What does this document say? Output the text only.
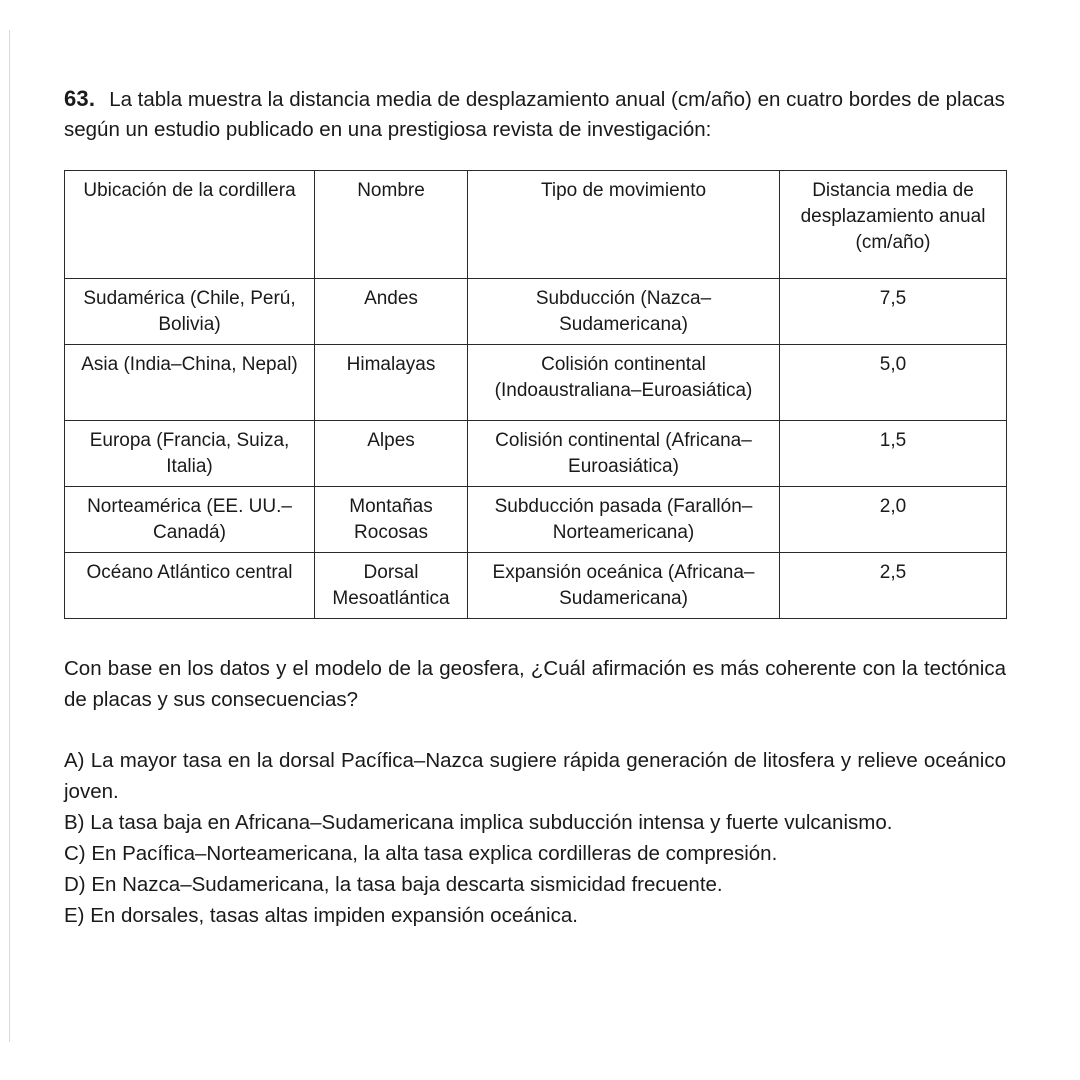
63. La tabla muestra la distancia media de desplazamiento anual (cm/año) en cuatro bordes de placas según un estudio publicado en una prestigiosa revista de investigación:

Ubicación de la cordillera	Nombre	Tipo de movimiento	Distancia media de desplazamiento anual (cm/año)
Sudamérica (Chile, Perú, Bolivia)	Andes	Subducción (Nazca–Sudamericana)	7,5
Asia (India–China, Nepal)	Himalayas	Colisión continental (Indoaustraliana–Euroasiática)	5,0
Europa (Francia, Suiza, Italia)	Alpes	Colisión continental (Africana–Euroasiática)	1,5
Norteamérica (EE. UU.–Canadá)	Montañas Rocosas	Subducción pasada (Farallón–Norteamericana)	2,0
Océano Atlántico central	Dorsal Mesoatlántica	Expansión oceánica (Africana–Sudamericana)	2,5

Con base en los datos y el modelo de la geosfera, ¿Cuál afirmación es más coherente con la tectónica de placas y sus consecuencias?

A) La mayor tasa en la dorsal Pacífica–Nazca sugiere rápida generación de litosfera y relieve oceánico joven.
B) La tasa baja en Africana–Sudamericana implica subducción intensa y fuerte vulcanismo.
C) En Pacífica–Norteamericana, la alta tasa explica cordilleras de compresión.
D) En Nazca–Sudamericana, la tasa baja descarta sismicidad frecuente.
E) En dorsales, tasas altas impiden expansión oceánica.
